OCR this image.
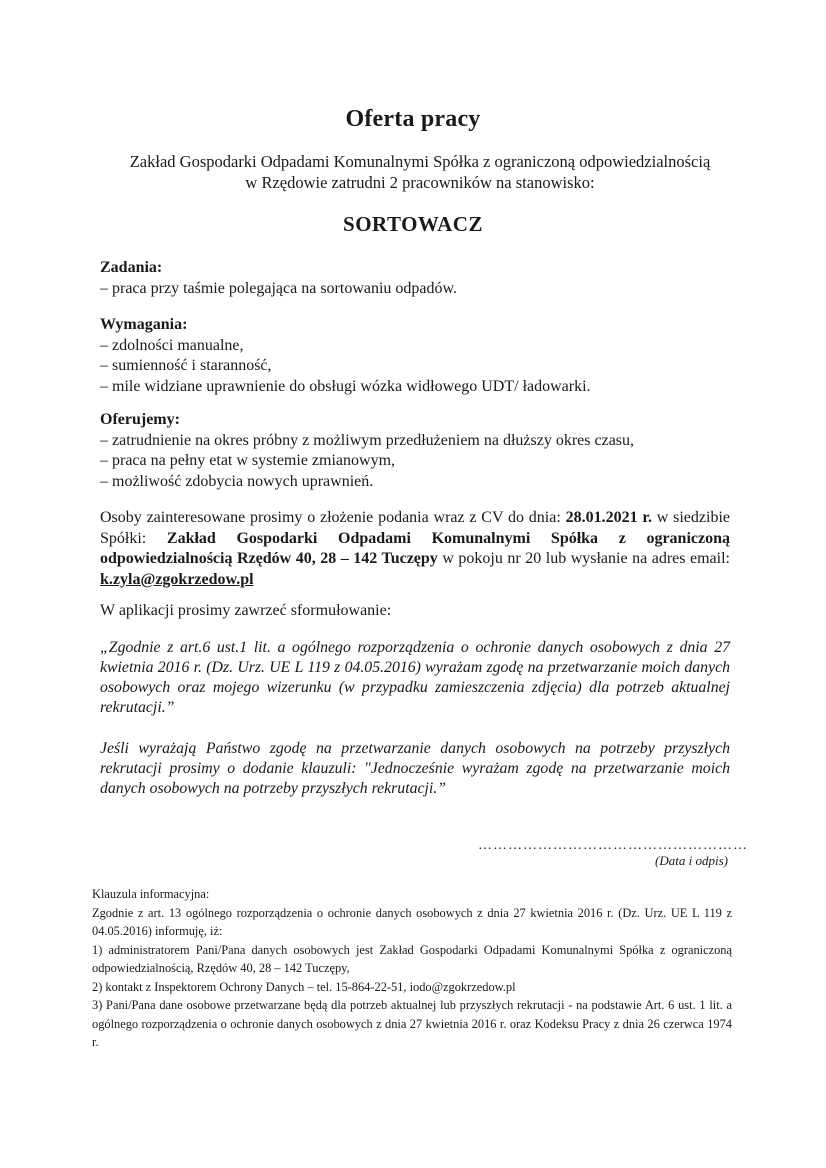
Oferta pracy
Zakład Gospodarki Odpadami Komunalnymi Spółka z ograniczoną odpowiedzialnością
w Rzędowie zatrudni 2 pracowników na stanowisko:
SORTOWACZ
Zadania:
– praca przy taśmie polegająca na sortowaniu odpadów.
Wymagania:
– zdolności manualne,
– sumienność i staranność,
– mile widziane uprawnienie do obsługi wózka widłowego UDT/ ładowarki.
Oferujemy:
– zatrudnienie na okres próbny z możliwym przedłużeniem na dłuższy okres czasu,
– praca na pełny etat w systemie zmianowym,
– możliwość zdobycia nowych uprawnień.
Osoby zainteresowane prosimy o złożenie podania wraz z CV do dnia: 28.01.2021 r. w siedzibie Spółki: Zakład Gospodarki Odpadami Komunalnymi Spółka z ograniczoną odpowiedzialnością Rzędów 40, 28 – 142 Tuczępy w pokoju nr 20 lub wysłanie na adres email: k.zyla@zgokrzedow.pl
W aplikacji prosimy zawrzeć sformułowanie:
„Zgodnie z art.6 ust.1 lit. a ogólnego rozporządzenia o ochronie danych osobowych z dnia 27 kwietnia 2016 r. (Dz. Urz. UE L 119 z 04.05.2016) wyrażam zgodę na przetwarzanie moich danych osobowych oraz mojego wizerunku (w przypadku zamieszczenia zdjęcia) dla potrzeb aktualnej rekrutacji.”
Jeśli wyrażają Państwo zgodę na przetwarzanie danych osobowych na potrzeby przyszłych rekrutacji prosimy o dodanie klauzuli: "Jednocześnie wyrażam zgodę na przetwarzanie moich danych osobowych na potrzeby przyszłych rekrutacji.”
………………………………………………
(Data i odpis)
Klauzula informacyjna:
Zgodnie z art. 13 ogólnego rozporządzenia o ochronie danych osobowych z dnia 27 kwietnia 2016 r. (Dz. Urz. UE L 119 z 04.05.2016) informuję, iż:
1) administratorem Pani/Pana danych osobowych jest Zakład Gospodarki Odpadami Komunalnymi Spółka z ograniczoną odpowiedzialnością, Rzędów 40, 28 – 142 Tuczępy,
2) kontakt z Inspektorem Ochrony Danych – tel. 15-864-22-51, iodo@zgokrzedow.pl
3) Pani/Pana dane osobowe przetwarzane będą dla potrzeb aktualnej lub przyszłych rekrutacji - na podstawie Art. 6 ust. 1 lit. a ogólnego rozporządzenia o ochronie danych osobowych z dnia 27 kwietnia 2016 r. oraz Kodeksu Pracy z dnia 26 czerwca 1974 r.
